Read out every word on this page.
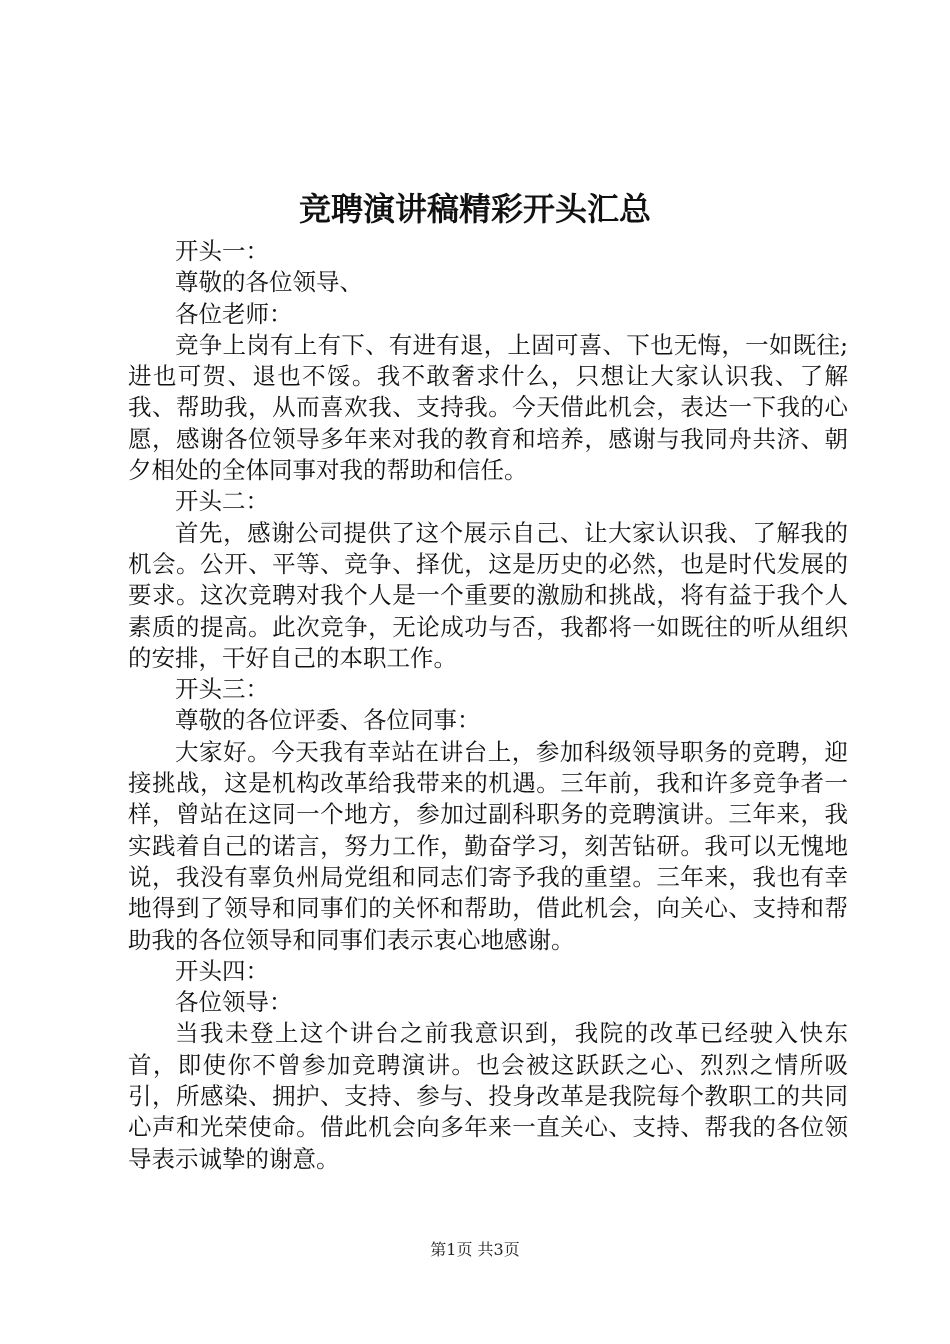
竞聘演讲稿精彩开头汇总

开头一：

尊敬的各位领导、

各位老师：

竞争上岗有上有下、有进有退，上固可喜、下也无悔，一如既往;进也可贺、退也不馁。我不敢奢求什么，只想让大家认识我、了解我、帮助我，从而喜欢我、支持我。今天借此机会，表达一下我的心愿，感谢各位领导多年来对我的教育和培养，感谢与我同舟共济、朝夕相处的全体同事对我的帮助和信任。

开头二：

首先，感谢公司提供了这个展示自己、让大家认识我、了解我的机会。公开、平等、竞争、择优，这是历史的必然，也是时代发展的要求。这次竞聘对我个人是一个重要的激励和挑战，将有益于我个人素质的提高。此次竞争，无论成功与否，我都将一如既往的听从组织的安排，干好自己的本职工作。

开头三：

尊敬的各位评委、各位同事：

大家好。今天我有幸站在讲台上，参加科级领导职务的竞聘，迎接挑战，这是机构改革给我带来的机遇。三年前，我和许多竞争者一样，曾站在这同一个地方，参加过副科职务的竞聘演讲。三年来，我实践着自己的诺言，努力工作，勤奋学习，刻苦钻研。我可以无愧地说，我没有辜负州局党组和同志们寄予我的重望。三年来，我也有幸地得到了领导和同事们的关怀和帮助，借此机会，向关心、支持和帮助我的各位领导和同事们表示衷心地感谢。

开头四：

各位领导：

当我未登上这个讲台之前我意识到，我院的改革已经驶入快东首，即使你不曾参加竞聘演讲。也会被这跃跃之心、烈烈之情所吸引，所感染、拥护、支持、参与、投身改革是我院每个教职工的共同心声和光荣使命。借此机会向多年来一直关心、支持、帮我的各位领导表示诚挚的谢意。

第1页 共3页
